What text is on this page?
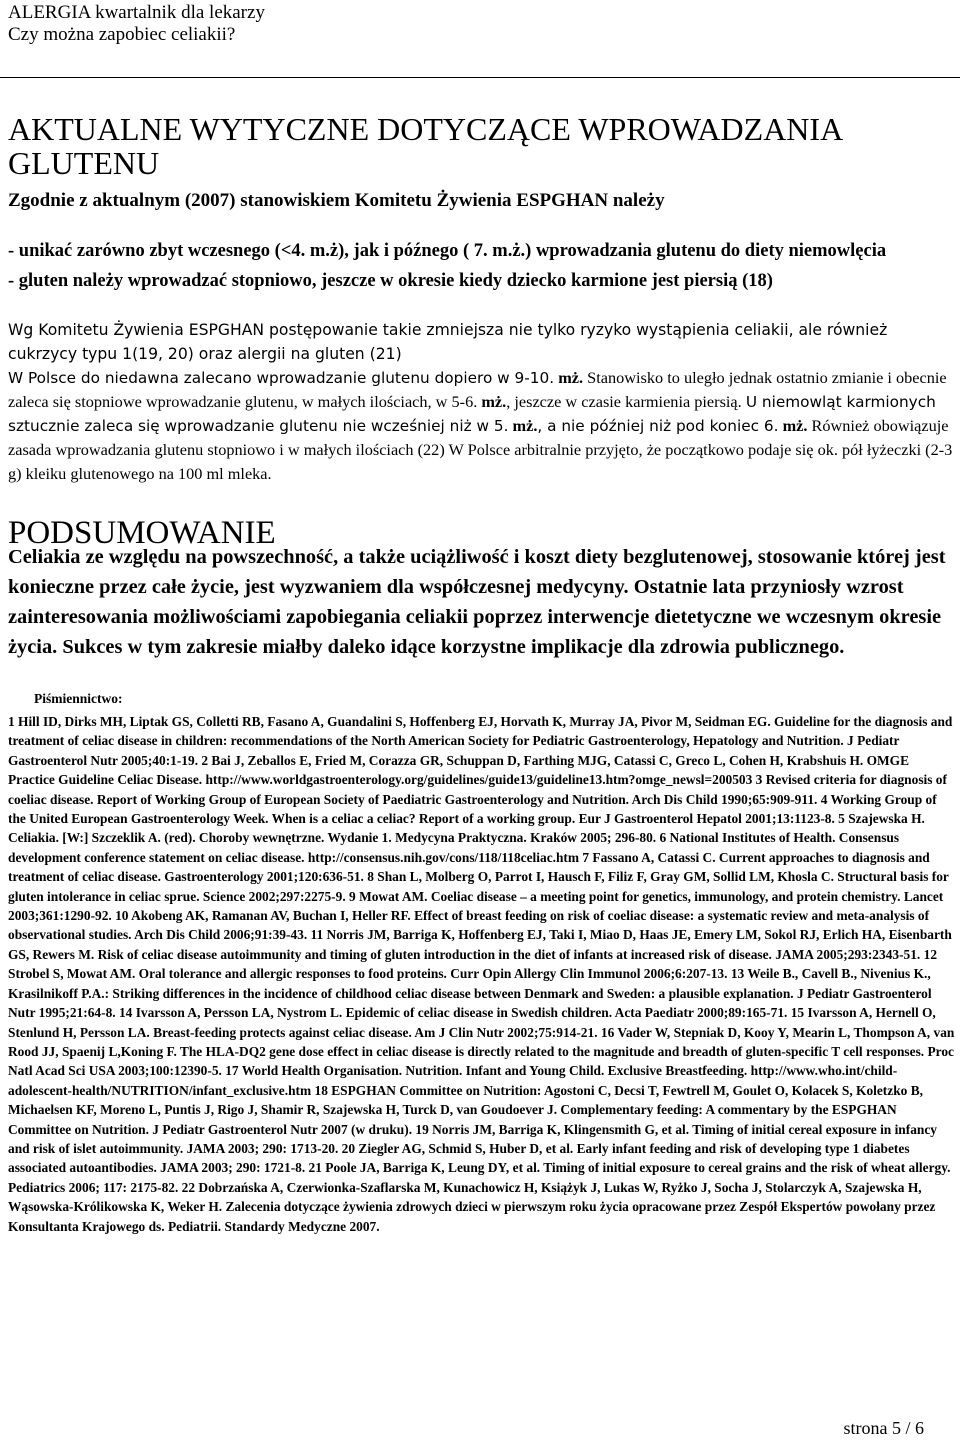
ALERGIA kwartalnik dla lekarzy
Czy można zapobiec celiakii?
AKTUALNE WYTYCZNE DOTYCZĄCE WPROWADZANIA GLUTENU
Zgodnie z aktualnym (2007) stanowiskiem Komitetu Żywienia ESPGHAN należy

- unikać zarówno zbyt wczesnego (<4. m.ż), jak i późnego ( 7. m.ż.) wprowadzania glutenu do diety niemowlęcia

- gluten należy wprowadzać stopniowo, jeszcze w okresie kiedy dziecko karmione jest piersią (18)

Wg Komitetu Żywienia ESPGHAN postępowanie takie zmniejsza nie tylko ryzyko wystąpienia celiakii, ale również cukrzycy typu 1(19, 20) oraz alergii na gluten (21)

W Polsce do niedawna zalecano wprowadzanie glutenu dopiero w 9-10. mż. Stanowisko to uległo jednak ostatnio zmianie i obecnie zaleca się stopniowe wprowadzanie glutenu, w małych ilościach, w 5-6. mż., jeszcze w czasie karmienia piersią. U niemowląt karmionych sztucznie zaleca się wprowadzanie glutenu nie wcześniej niż w 5. mż., a nie później niż pod koniec 6. mż. Również obowiązuje zasada wprowadzania glutenu stopniowo i w małych ilościach (22) W Polsce arbitralnie przyjęto, że początkowo podaje się ok. pół łyżeczki (2-3 g) kleiku glutenowego na 100 ml mleka.

PODSUMOWANIE

Celiakia ze względu na powszechność, a także uciążliwość i koszt diety bezglutenowej, stosowanie której jest konieczne przez całe życie, jest wyzwaniem dla współczesnej medycyny. Ostatnie lata przyniosły wzrost zainteresowania możliwościami zapobiegania celiakii poprzez interwencje dietetyczne we wczesnym okresie życia. Sukces w tym zakresie miałby daleko idące korzystne implikacje dla zdrowia publicznego.

Piśmiennictwo:

1 Hill ID, Dirks MH, Liptak GS, Colletti RB, Fasano A, Guandalini S, Hoffenberg EJ, Horvath K, Murray JA, Pivor M, Seidman EG. Guideline for the diagnosis and treatment of celiac disease in children: recommendations of the North American Society for Pediatric Gastroenterology, Hepatology and Nutrition. J Pediatr Gastroenterol Nutr 2005;40:1-19. 2 Bai J, Zeballos E, Fried M, Corazza GR, Schuppan D, Farthing MJG, Catassi C, Greco L, Cohen H, Krabshuis H. OMGE Practice Guideline Celiac Disease. http://www.worldgastroenterology.org/guidelines/guide13/guideline13.htm?omge_newsl=200503 3 Revised criteria for diagnosis of coeliac disease. Report of Working Group of European Society of Paediatric Gastroenterology and Nutrition. Arch Dis Child 1990;65:909-911. 4 Working Group of the United European Gastroenterology Week. When is a celiac a celiac? Report of a working group. Eur J Gastroenterol Hepatol 2001;13:1123-8. 5 Szajewska H. Celiakia. [W:] Szczeklik A. (red). Choroby wewnętrzne. Wydanie 1. Medycyna Praktyczna. Kraków 2005; 296-80. 6 National Institutes of Health. Consensus development conference statement on celiac disease. http://consensus.nih.gov/cons/118/118celiac.htm 7 Fassano A, Catassi C. Current approaches to diagnosis and treatment of celiac disease. Gastroenterology 2001;120:636-51. 8 Shan L, Molberg O, Parrot I, Hausch F, Filiz F, Gray GM, Sollid LM, Khosla C. Structural basis for gluten intolerance in celiac sprue. Science 2002;297:2275-9. 9 Mowat AM. Coeliac disease – a meeting point for genetics, immunology, and protein chemistry. Lancet 2003;361:1290-92. 10 Akobeng AK, Ramanan AV, Buchan I, Heller RF. Effect of breast feeding on risk of coeliac disease: a systematic review and meta-analysis of observational studies. Arch Dis Child 2006;91:39-43. 11 Norris JM, Barriga K, Hoffenberg EJ, Taki I, Miao D, Haas JE, Emery LM, Sokol RJ, Erlich HA, Eisenbarth GS, Rewers M. Risk of celiac disease autoimmunity and timing of gluten introduction in the diet of infants at increased risk of disease. JAMA 2005;293:2343-51. 12 Strobel S, Mowat AM. Oral tolerance and allergic responses to food proteins. Curr Opin Allergy Clin Immunol 2006;6:207-13. 13 Weile B., Cavell B., Nivenius K., Krasilnikoff P.A.: Striking differences in the incidence of childhood celiac disease between Denmark and Sweden: a plausible explanation. J Pediatr Gastroenterol Nutr 1995;21:64-8. 14 Ivarsson A, Persson LA, Nystrom L. Epidemic of celiac disease in Swedish children. Acta Paediatr 2000;89:165-71. 15 Ivarsson A, Hernell O, Stenlund H, Persson LA. Breast-feeding protects against celiac disease. Am J Clin Nutr 2002;75:914-21. 16 Vader W, Stepniak D, Kooy Y, Mearin L, Thompson A, van Rood JJ, Spaenij L,Koning F. The HLA-DQ2 gene dose effect in celiac disease is directly related to the magnitude and breadth of gluten-specific T cell responses. Proc Natl Acad Sci USA 2003;100:12390-5. 17 World Health Organisation. Nutrition. Infant and Young Child. Exclusive Breastfeeding. http://www.who.int/child-adolescent-health/NUTRITION/infant_exclusive.htm 18 ESPGHAN Committee on Nutrition: Agostoni C, Decsi T, Fewtrell M, Goulet O, Kolacek S, Koletzko B, Michaelsen KF, Moreno L, Puntis J, Rigo J, Shamir R, Szajewska H, Turck D, van Goudoever J. Complementary feeding: A commentary by the ESPGHAN Committee on Nutrition. J Pediatr Gastroenterol Nutr 2007 (w druku). 19 Norris JM, Barriga K, Klingensmith G, et al. Timing of initial cereal exposure in infancy and risk of islet autoimmunity. JAMA 2003; 290: 1713-20. 20 Ziegler AG, Schmid S, Huber D, et al. Early infant feeding and risk of developing type 1 diabetes associated autoantibodies. JAMA 2003; 290: 1721-8. 21 Poole JA, Barriga K, Leung DY, et al. Timing of initial exposure to cereal grains and the risk of wheat allergy. Pediatrics 2006; 117: 2175-82. 22 Dobrzańska A, Czerwionka-Szaflarska M, Kunachowicz H, Książyk J, Lukas W, Ryżko J, Socha J, Stolarczyk A, Szajewska H, Wąsowska-Królikowska K, Weker H. Zalecenia dotyczące żywienia zdrowych dzieci w pierwszym roku życia opracowane przez Zespół Ekspertów powołany przez Konsultanta Krajowego ds. Pediatrii. Standardy Medyczne 2007.

strona 5 / 6
